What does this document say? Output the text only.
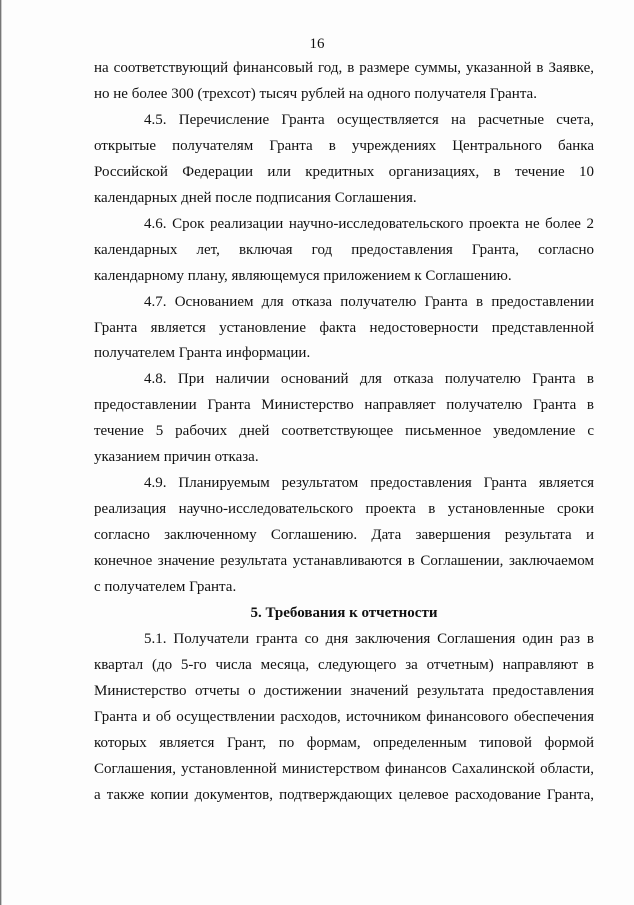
16
на соответствующий финансовый год, в размере суммы, указанной в Заявке,
но не более 300 (трехсот) тысяч рублей на одного получателя Гранта.
4.5. Перечисление Гранта осуществляется на расчетные счета,
открытые получателям Гранта в учреждениях Центрального банка
Российской Федерации или кредитных организациях, в течение 10
календарных дней после подписания Соглашения.
4.6. Срок реализации научно-исследовательского проекта не более 2
календарных лет, включая год предоставления Гранта, согласно
календарному плану, являющемуся приложением к Соглашению.
4.7. Основанием для отказа получателю Гранта в предоставлении
Гранта является установление факта недостоверности представленной
получателем Гранта информации.
4.8. При наличии оснований для отказа получателю Гранта в
предоставлении Гранта Министерство направляет получателю Гранта в
течение 5 рабочих дней соответствующее письменное уведомление с
указанием причин отказа.
4.9. Планируемым результатом предоставления Гранта является
реализация научно-исследовательского проекта в установленные сроки
согласно заключенному Соглашению. Дата завершения результата и
конечное значение результата устанавливаются в Соглашении, заключаемом
с получателем Гранта.
5. Требования к отчетности
5.1. Получатели гранта со дня заключения Соглашения один раз в
квартал (до 5-го числа месяца, следующего за отчетным) направляют в
Министерство отчеты о достижении значений результата предоставления
Гранта и об осуществлении расходов, источником финансового обеспечения
которых является Грант, по формам, определенным типовой формой
Соглашения, установленной министерством финансов Сахалинской области,
а также копии документов, подтверждающих целевое расходование Гранта,
